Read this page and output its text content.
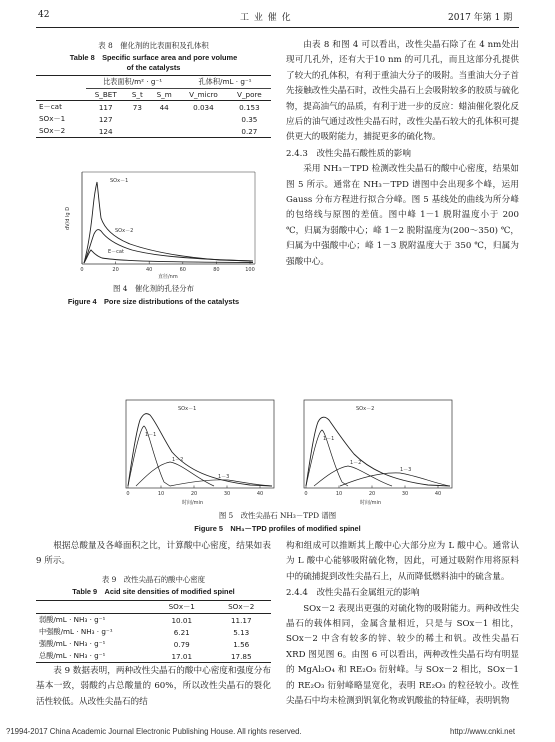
42	工 业 催 化	2017 年第 1 期
表 8　催化剂的比表面积及孔体积
Table 8　Specific surface area and pore volume
of the catalysts
	比表面积/m² · g⁻¹			孔体积/mL · g⁻¹	
	S_BET	S_t	S_m	V_micro	V_pore
E－cat	117	73	44	0.034	0.153
SOx－1	127				0.35
SOx－2	124				0.27
0	20	40	60	80	100
SOx－1
SOx－2
E－cat
dV/d lg D
直径/nm
图 4　催化剂的孔径分布
Figure 4　Pore size distributions of the catalysts
由表 8 和图 4 可以看出，改性尖晶石除了在 4 nm处出现可几孔外，还有大于10 nm 的可几孔，而且这部分孔提供了较大的孔体积，有利于重油大分子的吸附。当重油大分子首先接触改性尖晶石时，改性尖晶石上会吸附较多的胶质与硫化物，提高油气的品质，有利于进一步的反应：蜡油催化裂化反应后的油气通过改性尖晶石时，改性尖晶石较大的孔体积可提供更大的吸附能力，捕捉更多的硫化物。
2.4.3　改性尖晶石酸性质的影响
采用 NH₃－TPD 检测改性尖晶石的酸中心密度，结果如图 5 所示。通常在 NH₃－TPD 谱图中会出现多个峰，运用 Gauss 分布方程进行拟合分峰。图 5 基线处的曲线为所分峰的包络线与原图的差值。图中峰 1－1 脱附温度小于 200 ℃，归属为弱酸中心；峰 1－2 脱附温度为(200～350) ℃，归属为中强酸中心；峰 1－3 脱附温度大于 350 ℃，归属为强酸中心。
0	10	20	30	40
SOx－1
1－1
1－2
1－3
时间/min
0	10	20	30	40
SOx－2
1－1
1－2
1－3
时间/min
图 5　改性尖晶石 NH₃－TPD 谱图
Figure 5　NH₃－TPD profiles of modified spinel
根据总酸量及各峰面积之比，计算酸中心密度，结果如表 9 所示。
表 9　改性尖晶石的酸中心密度
Table 9　Acid site densities of modified spinel
	SOx－1	SOx－2
弱酸/mL · NH₃ · g⁻¹	10.01	11.17
中强酸/mL · NH₃ · g⁻¹	6.21	5.13
强酸/mL · NH₃ · g⁻¹	0.79	1.56
总酸/mL · NH₃ · g⁻¹	17.01	17.85
表 9 数据表明，两种改性尖晶石的酸中心密度和强度分布基本一致，弱酸约占总酸量的 60%，所以改性尖晶石的裂化活性较低。从改性尖晶石的结
构和组成可以推断其上酸中心大部分应为 L 酸中心。通常认为 L 酸中心能够吸附硫化物，因此，可通过吸附作用将原料中的硫捕捉到改性尖晶石上，从而降低燃料油中的硫含量。
2.4.4　改性尖晶石金属组元的影响
SOx－2 表现出更强的对硫化物的吸附能力。两种改性尖晶石的载体相同，金属含量相近，只是与 SOx－1 相比，SOx－2 中含有较多的锌、较少的稀土和钒。改性尖晶石 XRD 图见图 6。由图 6 可以看出，两种改性尖晶石均有明显的 MgAl₂O₄ 和 RE₂O₃ 衍射峰。与 SOx－2 相比，SOx－1 的 RE₂O₃ 衍射峰略显宽化，表明 RE₂O₃ 的粒径较小。改性尖晶石中均未检测到钒氧化物或钒酸盐的特征峰，表明钒物
?1994-2017 China Academic Journal Electronic Publishing House. All rights reserved.	http://www.cnki.net
